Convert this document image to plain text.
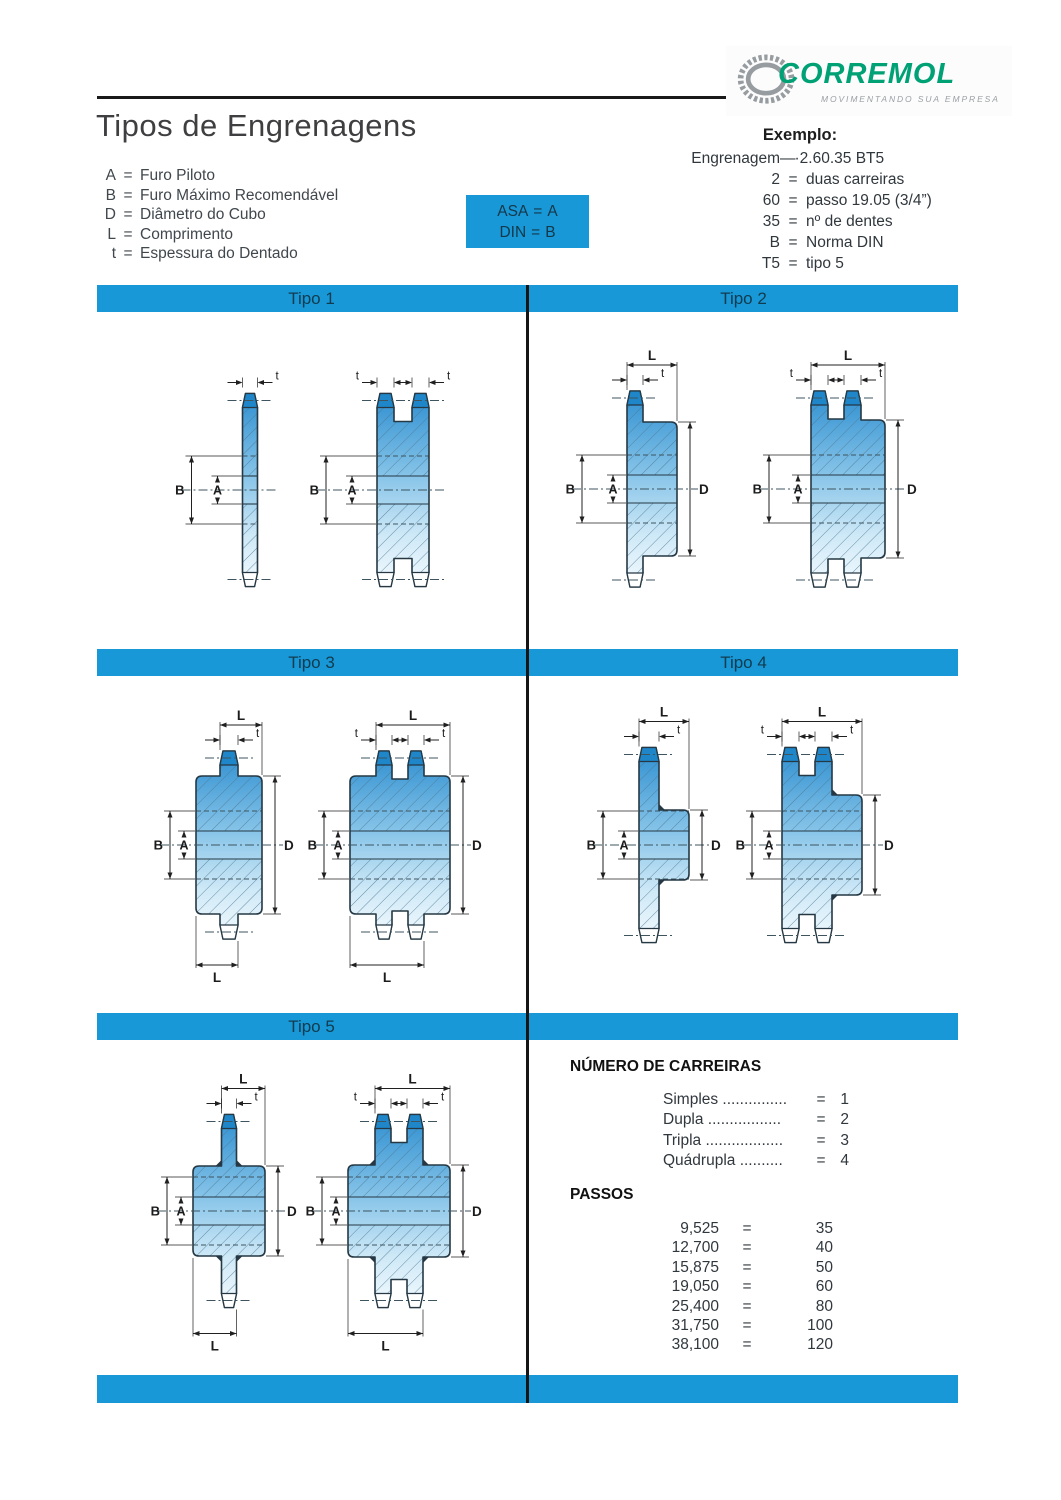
CORREMOL
MOVIMENTANDO SUA EMPRESA
Tipos de Engrenagens
A = Furo Piloto
B = Furo Máximo Recomendável
D = Diâmetro do Cubo
L = Comprimento
t = Espessura do Dentado
ASA = A
DIN = B
Exemplo:
Engrenagem —·2.60.35 BT5
2 = duas carreiras
60 = passo 19.05 (3/4”)
35 = nº de dentes
B = Norma DIN
T5 = tipo 5
Tipo 1	Tipo 2
Tipo 3	Tipo 4
Tipo 5
B A
t
B A
t	t
B	A	D
L
t
B	A	D
L
t	t
B A	D
L
L
t
B A	D
L
L
t	t
B A	D
L
t
B A	D
L
t	t
B A	D
L
L
t
B A	D
L
L
t	t
NÚMERO DE CARREIRAS
Simples ...............	= 1
Dupla .................	= 2
Tripla ..................	= 3
Quádrupla ..........	= 4
PASSOS
9,525	=	35
12,700	=	40
15,875	=	50
19,050	=	60
25,400	=	80
31,750	=	100
38,100	=	120
